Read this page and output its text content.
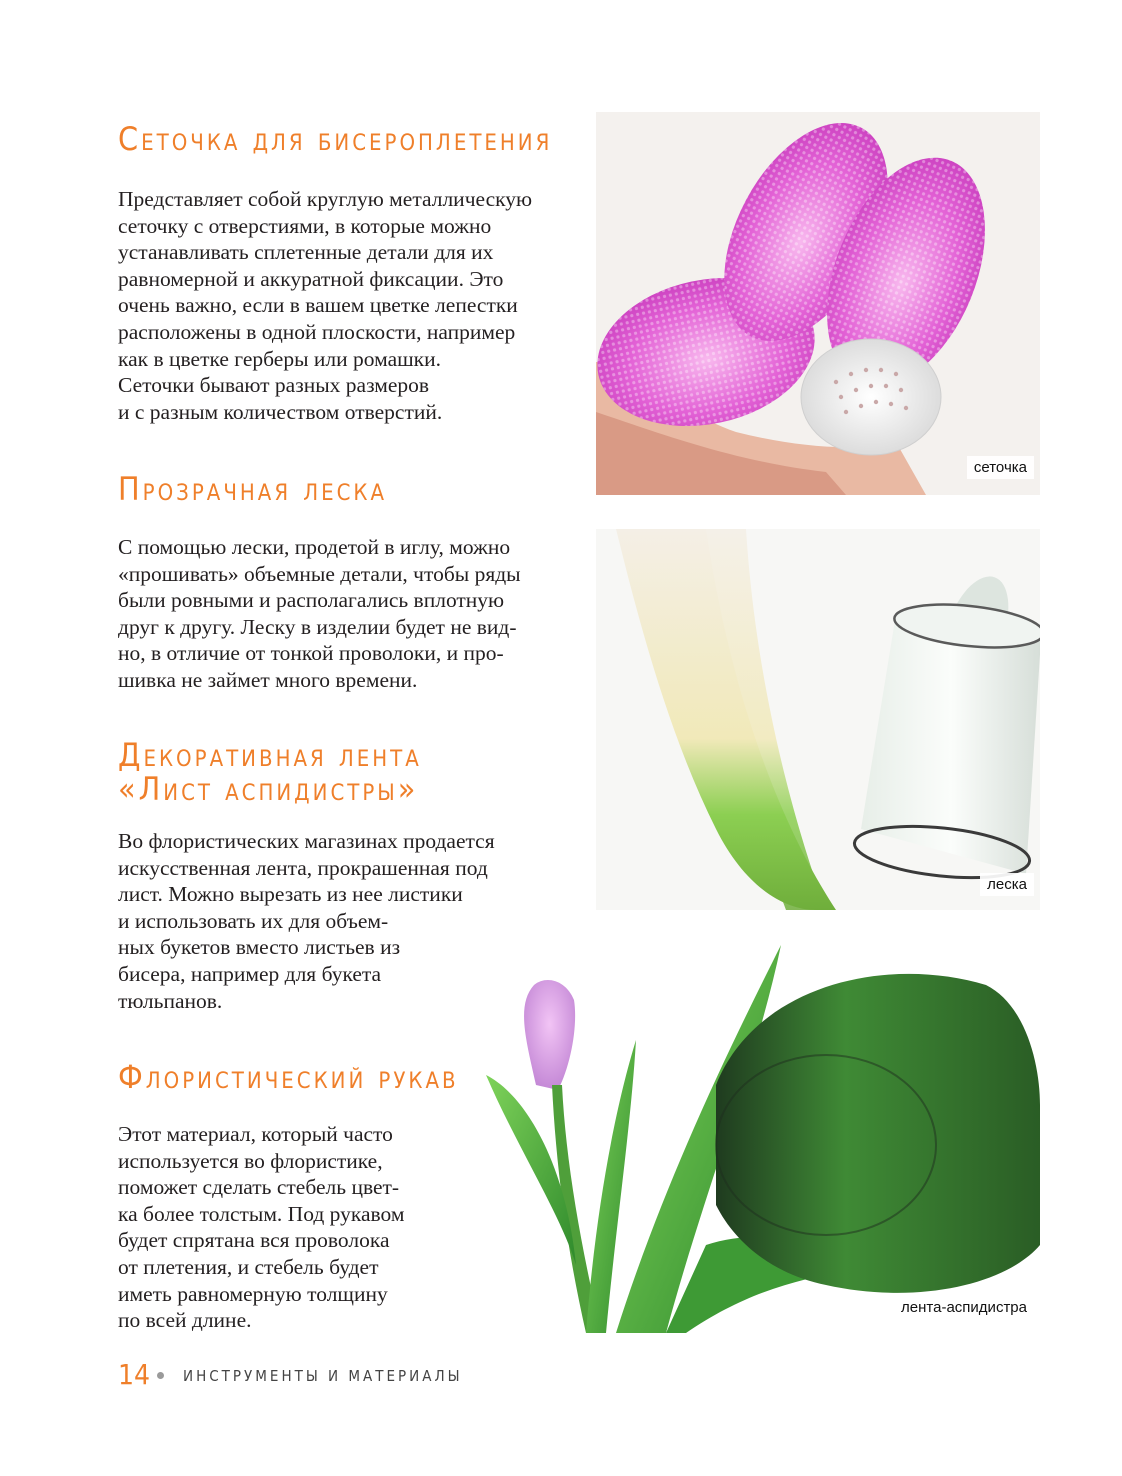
Сеточка для бисероплетения

Представляет собой круглую металлическую
сеточку с отверстиями, в которые можно
устанавливать сплетенные детали для их
равномерной и аккуратной фиксации. Это
очень важно, если в вашем цветке лепестки
расположены в одной плоскости, например
как в цветке герберы или ромашки.
Сеточки бывают разных размеров
и с разным количеством отверстий.

Прозрачная леска

С помощью лески, продетой в иглу, можно
«прошивать» объемные детали, чтобы ряды
были ровными и располагались вплотную
друг к другу. Леску в изделии будет не вид-
но, в отличие от тонкой проволоки, и про-
шивка не займет много времени.

Декоративная лента
«Лист аспидистры»

Во флористических магазинах продается
искусственная лента, прокрашенная под
лист. Можно вырезать из нее листики
и использовать их для объем-
ных букетов вместо листьев из
бисера, например для букета
тюльпанов.

Флористический рукав

Этот материал, который часто
используется во флористике,
поможет сделать стебель цвет-
ка более толстым. Под рукавом
будет спрятана вся проволока
от плетения, и стебель будет
иметь равномерную толщину
по всей длине.

сеточка
леска
лента-аспидистра
14 ИНСТРУМЕНТЫ И МАТЕРИАЛЫ
